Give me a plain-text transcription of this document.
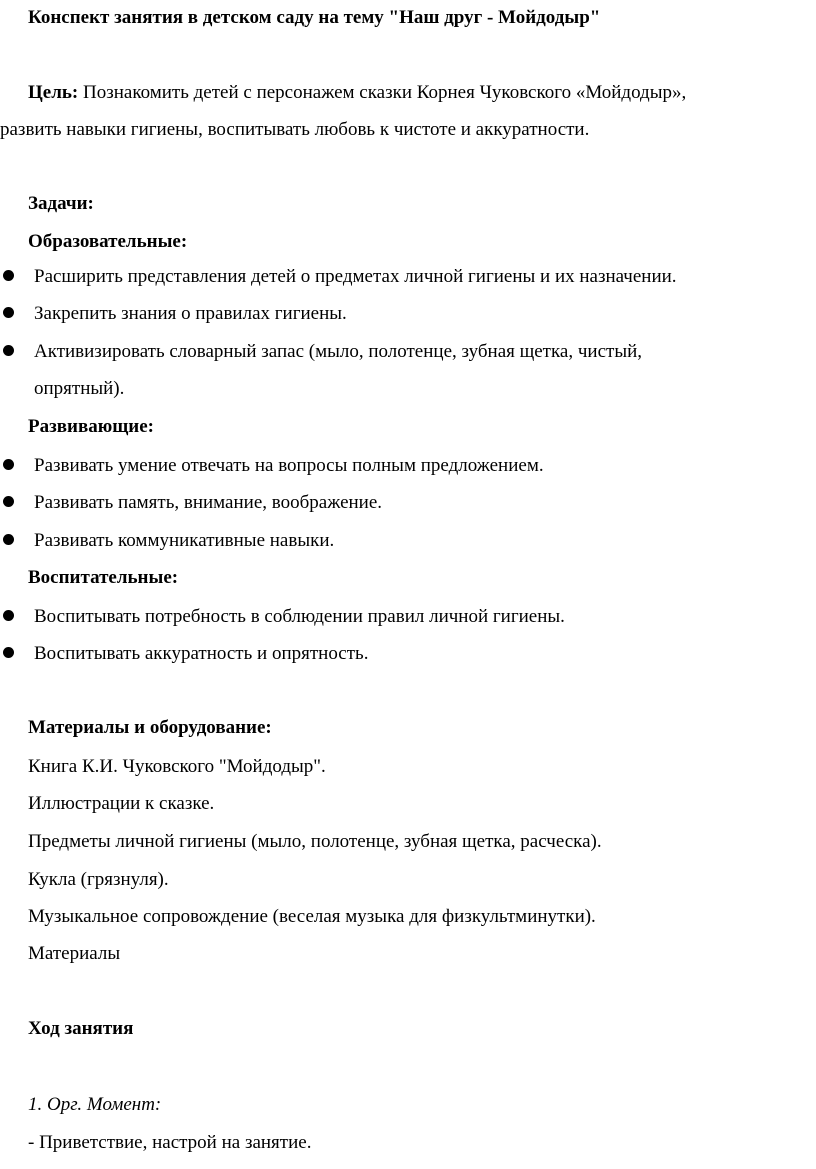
Конспект занятия в детском саду на тему "Наш друг - Мойдодыр"
Цель: Познакомить детей с персонажем сказки Корнея Чуковского «Мойдодыр»,
развить навыки гигиены, воспитывать любовь к чистоте и аккуратности.
Задачи:
Образовательные:
Расширить представления детей о предметах личной гигиены и их назначении.
Закрепить знания о правилах гигиены.
Активизировать словарный запас (мыло, полотенце, зубная щетка, чистый,
опрятный).
Развивающие:
Развивать умение отвечать на вопросы полным предложением.
Развивать память, внимание, воображение.
Развивать коммуникативные навыки.
Воспитательные:
Воспитывать потребность в соблюдении правил личной гигиены.
Воспитывать аккуратность и опрятность.
Материалы и оборудование:
Книга К.И. Чуковского "Мойдодыр".
Иллюстрации к сказке.
Предметы личной гигиены (мыло, полотенце, зубная щетка, расческа).
Кукла (грязнуля).
Музыкальное сопровождение (веселая музыка для физкультминутки).
Материалы
Ход занятия
1. Орг. Момент:
- Приветствие, настрой на занятие.
